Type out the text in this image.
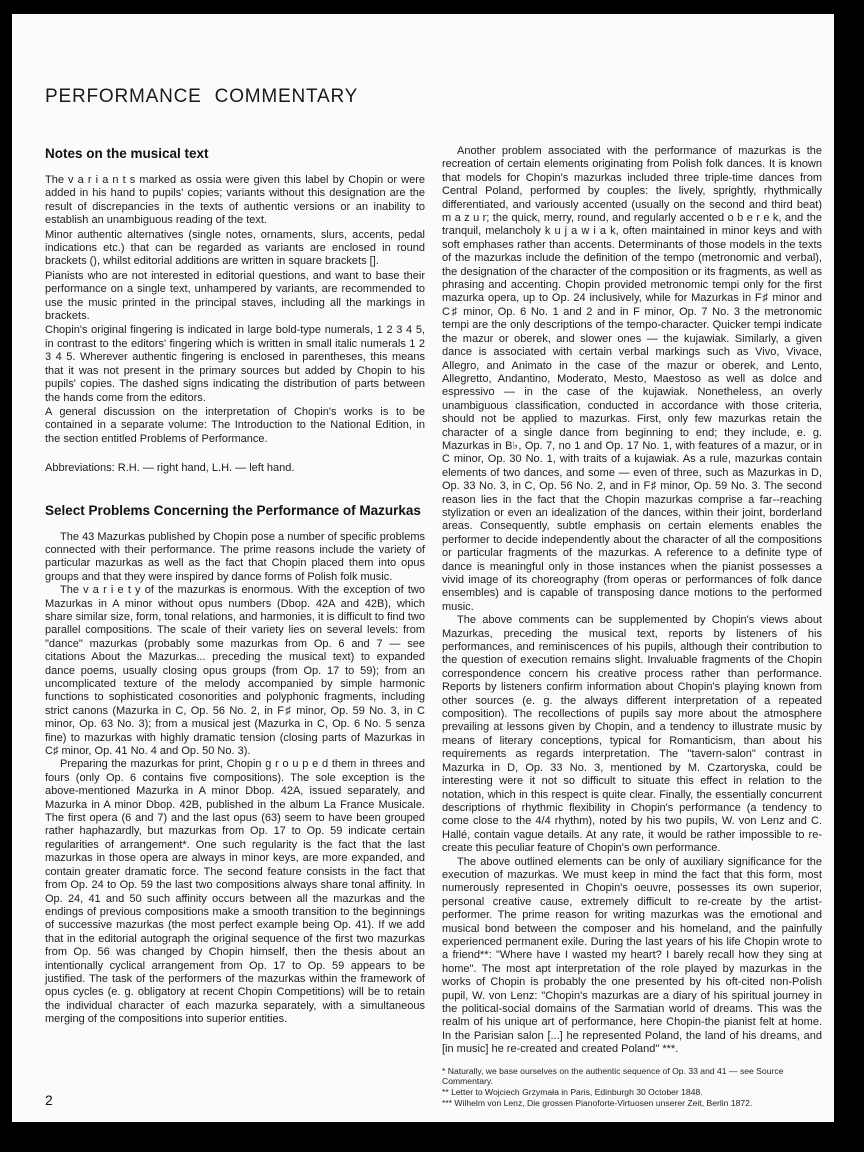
PERFORMANCE COMMENTARY
Notes on the musical text

The v a r i a n t s marked as ossia were given this label by Chopin or were added in his hand to pupils' copies; variants without this designation are the result of discrepancies in the texts of authentic versions or an inability to establish an unambiguous reading of the text.

Minor authentic alternatives (single notes, ornaments, slurs, accents, pedal indications etc.) that can be regarded as variants are enclosed in round brackets (), whilst editorial additions are written in square brackets [].

Pianists who are not interested in editorial questions, and want to base their performance on a single text, unhampered by variants, are recommended to use the music printed in the principal staves, including all the markings in brackets.

Chopin's original fingering is indicated in large bold-type numerals, 1 2 3 4 5, in contrast to the editors' fingering which is written in small italic numerals 1 2 3 4 5. Wherever authentic fingering is enclosed in parentheses, this means that it was not present in the primary sources but added by Chopin to his pupils' copies. The dashed signs indicating the distribution of parts between the hands come from the editors.

A general discussion on the interpretation of Chopin's works is to be contained in a separate volume: The Introduction to the National Edition, in the section entitled Problems of Performance.

Abbreviations: R.H. — right hand, L.H. — left hand.

Select Problems Concerning the Performance of Mazurkas

The 43 Mazurkas published by Chopin pose a number of specific problems connected with their performance. The prime reasons include the variety of particular mazurkas as well as the fact that Chopin placed them into opus groups and that they were inspired by dance forms of Polish folk music.

The v a r i e t y of the mazurkas is enormous. With the exception of two Mazurkas in A minor without opus numbers (Dbop. 42A and 42B), which share similar size, form, tonal relations, and harmonies, it is difficult to find two parallel compositions. The scale of their variety lies on several levels: from "dance" mazurkas (probably some mazurkas from Op. 6 and 7 — see citations About the Mazurkas... preceding the musical text) to expanded dance poems, usually closing opus groups (from Op. 17 to 59); from an uncomplicated texture of the melody accompanied by simple harmonic functions to sophisticated cosonorities and polyphonic fragments, including strict canons (Mazurka in C, Op. 56 No. 2, in F♯ minor, Op. 59 No. 3, in C minor, Op. 63 No. 3); from a musical jest (Mazurka in C, Op. 6 No. 5 senza fine) to mazurkas with highly dramatic tension (closing parts of Mazurkas in C♯ minor, Op. 41 No. 4 and Op. 50 No. 3).

Preparing the mazurkas for print, Chopin g r o u p e d them in threes and fours (only Op. 6 contains five compositions). The sole exception is the above-mentioned Mazurka in A minor Dbop. 42A, issued separately, and Mazurka in A minor Dbop. 42B, published in the album La France Musicale. The first opera (6 and 7) and the last opus (63) seem to have been grouped rather haphazardly, but mazurkas from Op. 17 to Op. 59 indicate certain regularities of arrangement*. One such regularity is the fact that the last mazurkas in those opera are always in minor keys, are more expanded, and contain greater dramatic force. The second feature consists in the fact that from Op. 24 to Op. 59 the last two compositions always share tonal affinity. In Op. 24, 41 and 50 such affinity occurs between all the mazurkas and the endings of previous compositions make a smooth transition to the beginnings of successive mazurkas (the most perfect example being Op. 41). If we add that in the editorial autograph the original sequence of the first two mazurkas from Op. 56 was changed by Chopin himself, then the thesis about an intentionally cyclical arrangement from Op. 17 to Op. 59 appears to be justified. The task of the performers of the mazurkas within the framework of opus cycles (e. g. obligatory at recent Chopin Competitions) will be to retain the individual character of each mazurka separately, with a simultaneous merging of the compositions into superior entities.

Another problem associated with the performance of mazurkas is the recreation of certain elements originating from Polish folk dances. It is known that models for Chopin's mazurkas included three triple-time dances from Central Poland, performed by couples: the lively, sprightly, rhythmically differentiated, and variously accented (usually on the second and third beat) m a z u r; the quick, merry, round, and regularly accented o b e r e k, and the tranquil, melancholy k u j a w i a k, often maintained in minor keys and with soft emphases rather than accents. Determinants of those models in the texts of the mazurkas include the definition of the tempo (metronomic and verbal), the designation of the character of the composition or its fragments, as well as phrasing and accenting. Chopin provided metronomic tempi only for the first mazurka opera, up to Op. 24 inclusively, while for Mazurkas in F♯ minor and C♯ minor, Op. 6 No. 1 and 2 and in F minor, Op. 7 No. 3 the metronomic tempi are the only descriptions of the tempo-character. Quicker tempi indicate the mazur or oberek, and slower ones — the kujawiak. Similarly, a given dance is associated with certain verbal markings such as Vivo, Vivace, Allegro, and Animato in the case of the mazur or oberek, and Lento, Allegretto, Andantino, Moderato, Mesto, Maestoso as well as dolce and espressivo — in the case of the kujawiak. Nonetheless, an overly unambiguous classification, conducted in accordance with those criteria, should not be applied to mazurkas. First, only few mazurkas retain the character of a single dance from beginning to end; they include, e. g. Mazurkas in B♭, Op. 7, no 1 and Op. 17 No. 1, with features of a mazur, or in C minor, Op. 30 No. 1, with traits of a kujawiak. As a rule, mazurkas contain elements of two dances, and some — even of three, such as Mazurkas in D, Op. 33 No. 3, in C, Op. 56 No. 2, and in F♯ minor, Op. 59 No. 3. The second reason lies in the fact that the Chopin mazurkas comprise a far--reaching stylization or even an idealization of the dances, within their joint, borderland areas. Consequently, subtle emphasis on certain elements enables the performer to decide independently about the character of all the compositions or particular fragments of the mazurkas. A reference to a definite type of dance is meaningful only in those instances when the pianist possesses a vivid image of its choreography (from operas or performances of folk dance ensembles) and is capable of transposing dance motions to the performed music.

The above comments can be supplemented by Chopin's views about Mazurkas, preceding the musical text, reports by listeners of his performances, and reminiscences of his pupils, although their contribution to the question of execution remains slight. Invaluable fragments of the Chopin correspondence concern his creative process rather than performance. Reports by listeners confirm information about Chopin's playing known from other sources (e. g. the always different interpretation of a repeated composition). The recollections of pupils say more about the atmosphere prevailing at lessons given by Chopin, and a tendency to illustrate music by means of literary conceptions, typical for Romanticism, than about his requirements as regards interpretation. The "tavern-salon" contrast in Mazurka in D, Op. 33 No. 3, mentioned by M. Czartoryska, could be interesting were it not so difficult to situate this effect in relation to the notation, which in this respect is quite clear. Finally, the essentially concurrent descriptions of rhythmic flexibility in Chopin's performance (a tendency to come close to the 4/4 rhythm), noted by his two pupils, W. von Lenz and C. Hallé, contain vague details. At any rate, it would be rather impossible to re-create this peculiar feature of Chopin's own performance.

The above outlined elements can be only of auxiliary significance for the execution of mazurkas. We must keep in mind the fact that this form, most numerously represented in Chopin's oeuvre, possesses its own superior, personal creative cause, extremely difficult to re-create by the artist-performer. The prime reason for writing mazurkas was the emotional and musical bond between the composer and his homeland, and the painfully experienced permanent exile. During the last years of his life Chopin wrote to a friend**: "Where have I wasted my heart? I barely recall how they sing at home". The most apt interpretation of the role played by mazurkas in the works of Chopin is probably the one presented by his oft-cited non-Polish pupil, W. von Lenz: "Chopin's mazurkas are a diary of his spiritual journey in the political-social domains of the Sarmatian world of dreams. This was the realm of his unique art of performance, here Chopin-the pianist felt at home. In the Parisian salon [...] he represented Poland, the land of his dreams, and [in music] he re-created and created Poland" ***.

* Naturally, we base ourselves on the authentic sequence of Op. 33 and 41 — see Source Commentary.

** Letter to Wojciech Grzymała in Paris, Edinburgh 30 October 1848.

*** Wilhelm von Lenz, Die grossen Pianoforte-Virtuosen unserer Zeit, Berlin 1872.

2
